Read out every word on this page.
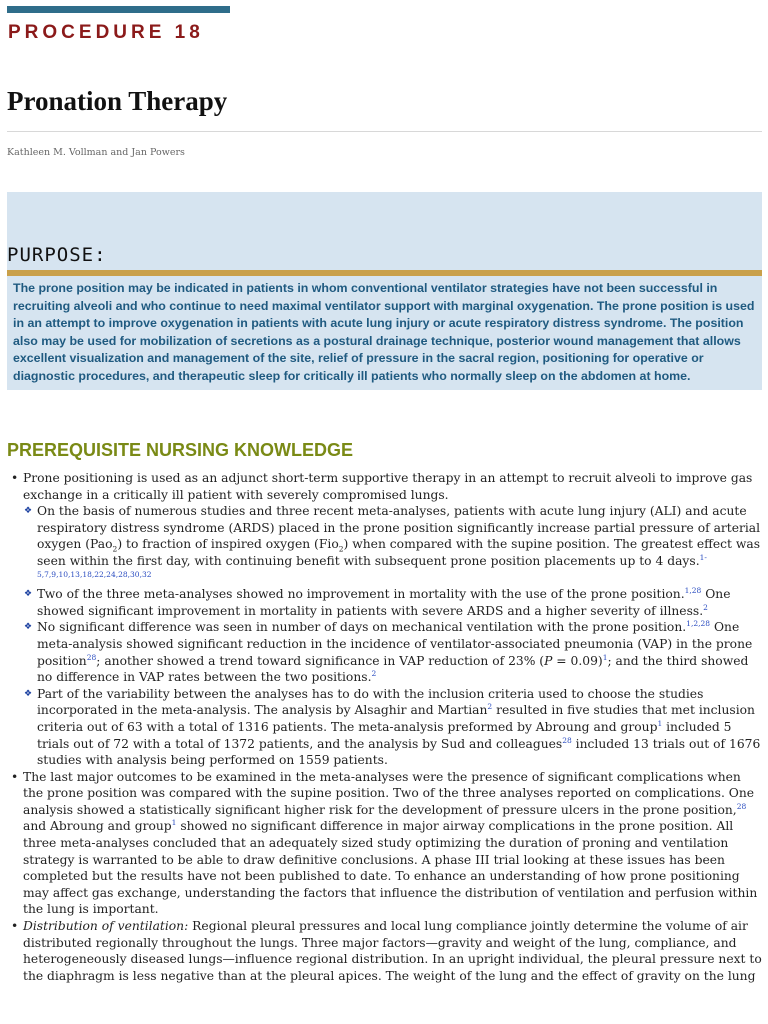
PROCEDURE 18
Pronation Therapy
Kathleen M. Vollman and Jan Powers
PURPOSE:
The prone position may be indicated in patients in whom conventional ventilator strategies have not been successful in recruiting alveoli and who continue to need maximal ventilator support with marginal oxygenation. The prone position is used in an attempt to improve oxygenation in patients with acute lung injury or acute respiratory distress syndrome. The position also may be used for mobilization of secretions as a postural drainage technique, posterior wound management that allows excellent visualization and management of the site, relief of pressure in the sacral region, positioning for operative or diagnostic procedures, and therapeutic sleep for critically ill patients who normally sleep on the abdomen at home.
PREREQUISITE NURSING KNOWLEDGE
• Prone positioning is used as an adjunct short-term supportive therapy in an attempt to recruit alveoli to improve gas exchange in a critically ill patient with severely compromised lungs.
❖ On the basis of numerous studies and three recent meta-analyses, patients with acute lung injury (ALI) and acute respiratory distress syndrome (ARDS) placed in the prone position significantly increase partial pressure of arterial oxygen (Pao$_2$) to fraction of inspired oxygen (Fio$_2$) when compared with the supine position. The greatest effect was seen within the first day, with continuing benefit with subsequent prone position placements up to 4 days.$^{1-5,7,9,10,13,18,22,24,28,30,32}$
❖ Two of the three meta-analyses showed no improvement in mortality with the use of the prone position.$^{1,28}$ One showed significant improvement in mortality in patients with severe ARDS and a higher severity of illness.$^2$
❖ No significant difference was seen in number of days on mechanical ventilation with the prone position.$^{1,2,28}$ One meta-analysis showed significant reduction in the incidence of ventilator-associated pneumonia (VAP) in the prone position$^{28}$; another showed a trend toward significance in VAP reduction of 23% (P = 0.09)$^1$; and the third showed no difference in VAP rates between the two positions.$^2$
❖ Part of the variability between the analyses has to do with the inclusion criteria used to choose the studies incorporated in the meta-analysis. The analysis by Alsaghir and Martian$^2$ resulted in five studies that met inclusion criteria out of 63 with a total of 1316 patients. The meta-analysis preformed by Abroung and group$^1$ included 5 trials out of 72 with a total of 1372 patients, and the analysis by Sud and colleagues$^{28}$ included 13 trials out of 1676 studies with analysis being performed on 1559 patients.
• The last major outcomes to be examined in the meta-analyses were the presence of significant complications when the prone position was compared with the supine position. Two of the three analyses reported on complications. One analysis showed a statistically significant higher risk for the development of pressure ulcers in the prone position,$^{28}$ and Abroung and group$^1$ showed no significant difference in major airway complications in the prone position. All three meta-analyses concluded that an adequately sized study optimizing the duration of proning and ventilation strategy is warranted to be able to draw definitive conclusions. A phase III trial looking at these issues has been completed but the results have not been published to date. To enhance an understanding of how prone positioning may affect gas exchange, understanding the factors that influence the distribution of ventilation and perfusion within the lung is important.
• Distribution of ventilation: Regional pleural pressures and local lung compliance jointly determine the volume of air distributed regionally throughout the lungs. Three major factors—gravity and weight of the lung, compliance, and heterogeneously diseased lungs—influence regional distribution. In an upright individual, the pleural pressure next to the diaphragm is less negative than at the pleural apices. The weight of the lung and the effect of gravity on the lung
